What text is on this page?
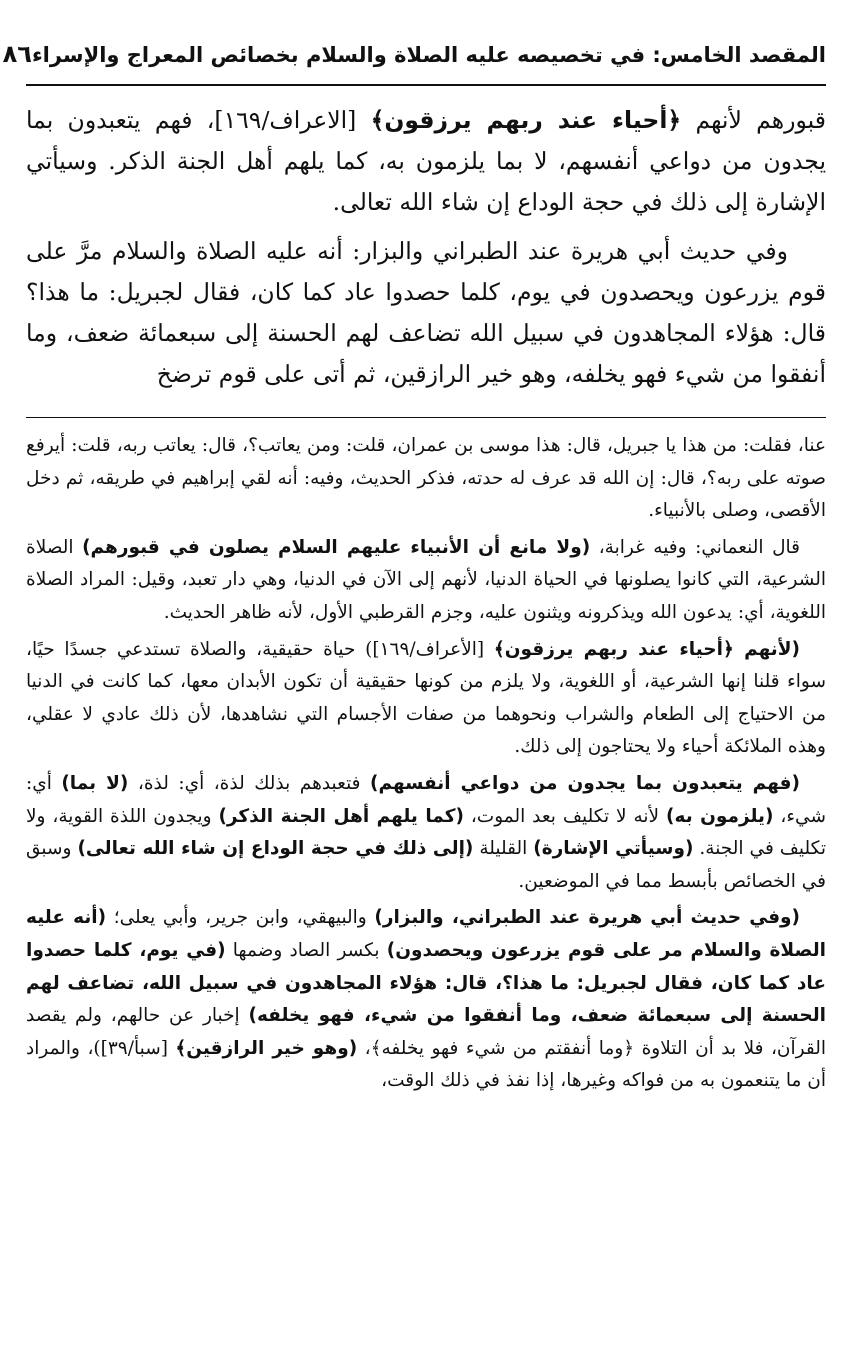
المقصد الخامس: في تخصيصه عليه الصلاة والسلام بخصائص المعراج والإسراء
٨٦

قبورهم لأنهم ﴿أحياء عند ربهم يرزقون﴾ [الاعراف/١٦٩]، فهم يتعبدون بما يجدون من دواعي أنفسهم، لا بما يلزمون به، كما يلهم أهل الجنة الذكر. وسيأتي الإشارة إلى ذلك في حجة الوداع إن شاء الله تعالى.

وفي حديث أبي هريرة عند الطبراني والبزار: أنه عليه الصلاة والسلام مرَّ على قوم يزرعون ويحصدون في يوم، كلما حصدوا عاد كما كان، فقال لجبريل: ما هذا؟ قال: هؤلاء المجاهدون في سبيل الله تضاعف لهم الحسنة إلى سبعمائة ضعف، وما أنفقوا من شيء فهو يخلفه، وهو خير الرازقين، ثم أتى على قوم ترضخ

عنا، فقلت: من هذا يا جبريل، قال: هذا موسى بن عمران، قلت: ومن يعاتب؟، قال: يعاتب ربه، قلت: أيرفع صوته على ربه؟، قال: إن الله قد عرف له حدته، فذكر الحديث، وفيه: أنه لقي إبراهيم في طريقه، ثم دخل الأقصى، وصلى بالأنبياء.

قال النعماني: وفيه غرابة، (ولا مانع أن الأنبياء عليهم السلام يصلون في قبورهم) الصلاة الشرعية، التي كانوا يصلونها في الحياة الدنيا، لأنهم إلى الآن في الدنيا، وهي دار تعبد، وقيل: المراد الصلاة اللغوية، أي: يدعون الله ويذكرونه ويثنون عليه، وجزم القرطبي الأول، لأنه ظاهر الحديث.

(لأنهم ﴿أحياء عند ربهم يرزقون﴾ [الأعراف/١٦٩]) حياة حقيقية، والصلاة تستدعي جسدًا حيًا، سواء قلنا إنها الشرعية، أو اللغوية، ولا يلزم من كونها حقيقية أن تكون الأبدان معها، كما كانت في الدنيا من الاحتياج إلى الطعام والشراب ونحوهما من صفات الأجسام التي نشاهدها، لأن ذلك عادي لا عقلي، وهذه الملائكة أحياء ولا يحتاجون إلى ذلك.

(فهم يتعبدون بما يجدون من دواعي أنفسهم) فتعبدهم بذلك لذة، أي: لذة، (لا بما) أي: شيء، (يلزمون به) لأنه لا تكليف بعد الموت، (كما يلهم أهل الجنة الذكر) ويجدون اللذة القوية، ولا تكليف في الجنة. (وسيأتي الإشارة) القليلة (إلى ذلك في حجة الوداع إن شاء الله تعالى) وسبق في الخصائص بأبسط مما في الموضعين.

(وفي حديث أبي هريرة عند الطبراني، والبزار) والبيهقي، وابن جرير، وأبي يعلى؛ (أنه عليه الصلاة والسلام مر على قوم يزرعون ويحصدون) بكسر الصاد وضمها (في يوم، كلما حصدوا عاد كما كان، فقال لجبريل: ما هذا؟، قال: هؤلاء المجاهدون في سبيل الله، تضاعف لهم الحسنة إلى سبعمائة ضعف، وما أنفقوا من شيء، فهو يخلفه) إخبار عن حالهم، ولم يقصد القرآن، فلا بد أن التلاوة ﴿وما أنفقتم من شيء فهو يخلفه﴾، (وهو خير الرازقين﴾ [سبأ/٣٩])، والمراد أن ما يتنعمون به من فواكه وغيرها، إذا نفذ في ذلك الوقت،
